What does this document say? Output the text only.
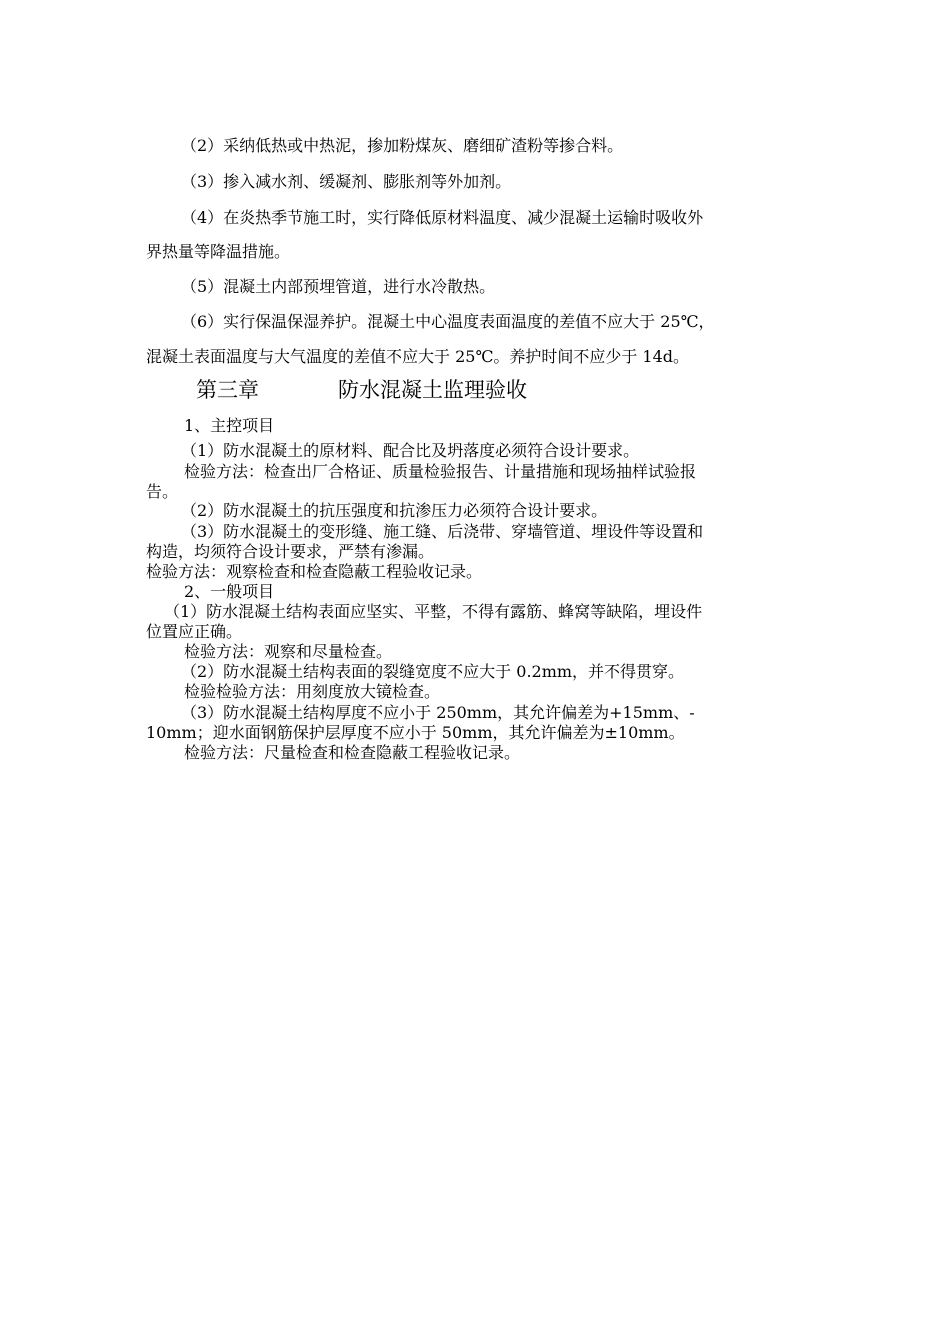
（2）采纳低热或中热泥，掺加粉煤灰、磨细矿渣粉等掺合料。
（3）掺入减水剂、缓凝剂、膨胀剂等外加剂。
（4）在炎热季节施工时，实行降低原材料温度、减少混凝土运输时吸收外
界热量等降温措施。
（5）混凝土内部预埋管道，进行水冷散热。
（6）实行保温保湿养护。混凝土中心温度表面温度的差值不应大于 25℃，
混凝土表面温度与大气温度的差值不应大于 25℃。养护时间不应少于 14d。
第三章	防水混凝土监理验收
1、主控项目
（1）防水混凝土的原材料、配合比及坍落度必须符合设计要求。
检验方法：检查出厂合格证、质量检验报告、计量措施和现场抽样试验报
告。
（2）防水混凝土的抗压强度和抗渗压力必须符合设计要求。
（3）防水混凝土的变形缝、施工缝、后浇带、穿墙管道、埋设件等设置和
构造，均须符合设计要求，严禁有渗漏。
检验方法：观察检查和检查隐蔽工程验收记录。
2、一般项目
（1）防水混凝土结构表面应坚实、平整，不得有露筋、蜂窝等缺陷，埋设件
位置应正确。
检验方法：观察和尽量检查。
（2）防水混凝土结构表面的裂缝宽度不应大于 0.2mm，并不得贯穿。
检验检验方法：用刻度放大镜检查。
（3）防水混凝土结构厚度不应小于 250mm，其允许偏差为+15mm、-
10mm；迎水面钢筋保护层厚度不应小于 50mm，其允许偏差为±10mm。
检验方法：尺量检查和检查隐蔽工程验收记录。
